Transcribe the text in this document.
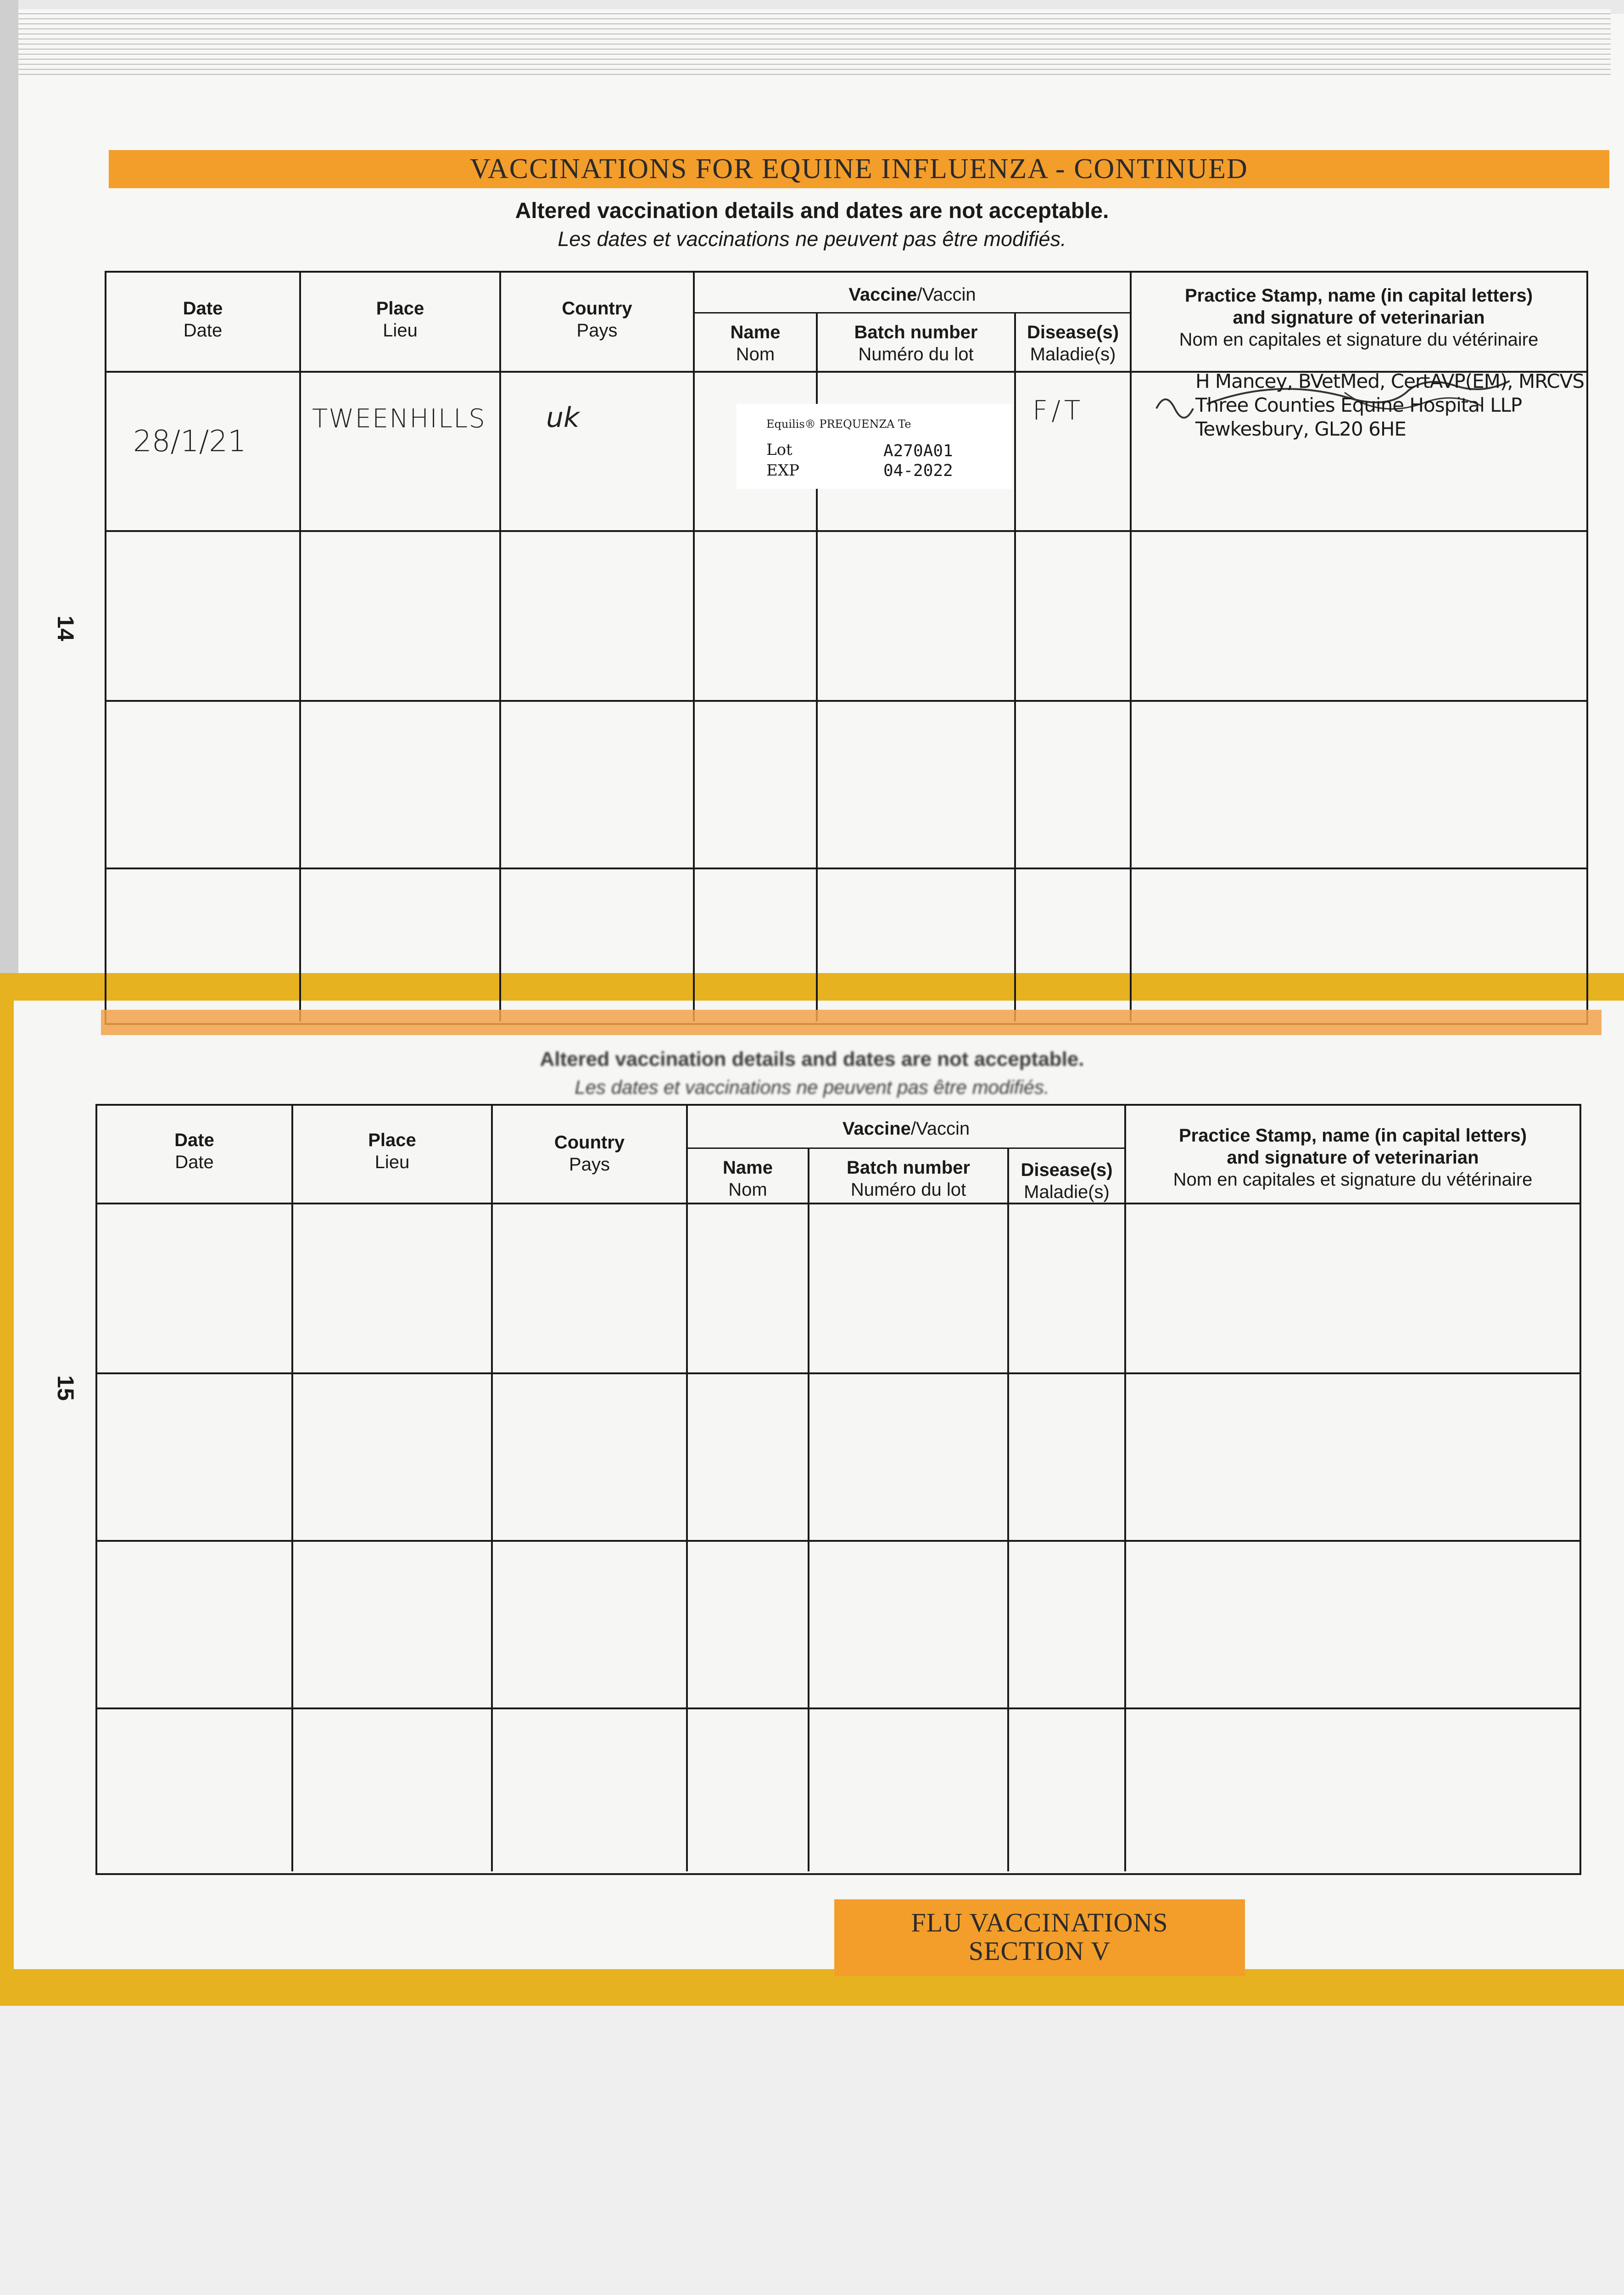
14
15
VACCINATIONS FOR EQUINE INFLUENZA - CONTINUED
Altered vaccination details and dates are not acceptable.
Les dates et vaccinations ne peuvent pas être modifiés.
Date
Date
Place
Lieu
Country
Pays
Vaccine/Vaccin
Name
Nom
Batch number
Numéro du lot
Disease(s)
Maladie(s)
Practice Stamp, name (in capital letters)
and signature of veterinarian
Nom en capitales et signature du vétérinaire
28/1/21
TWEENHILLS uk	Equilis® PREQUENZA Te
Lot
EXP
A270A01
04-2022
F/T
H Mancey, BVetMed, CertAVP(EM), MRCVS
Three Counties Equine Hospital LLP
Tewkesbury, GL20 6HE
Altered vaccination details and dates are not acceptable.
Les dates et vaccinations ne peuvent pas être modifiés.
Date
Date
Place
Lieu
Country
Pays
Vaccine/Vaccin
Name
Nom
Batch number
Numéro du lot
Disease(s)
Maladie(s)
Practice Stamp, name (in capital letters)
and signature of veterinarian
Nom en capitales et signature du vétérinaire
FLU VACCINATIONS
SECTION V
